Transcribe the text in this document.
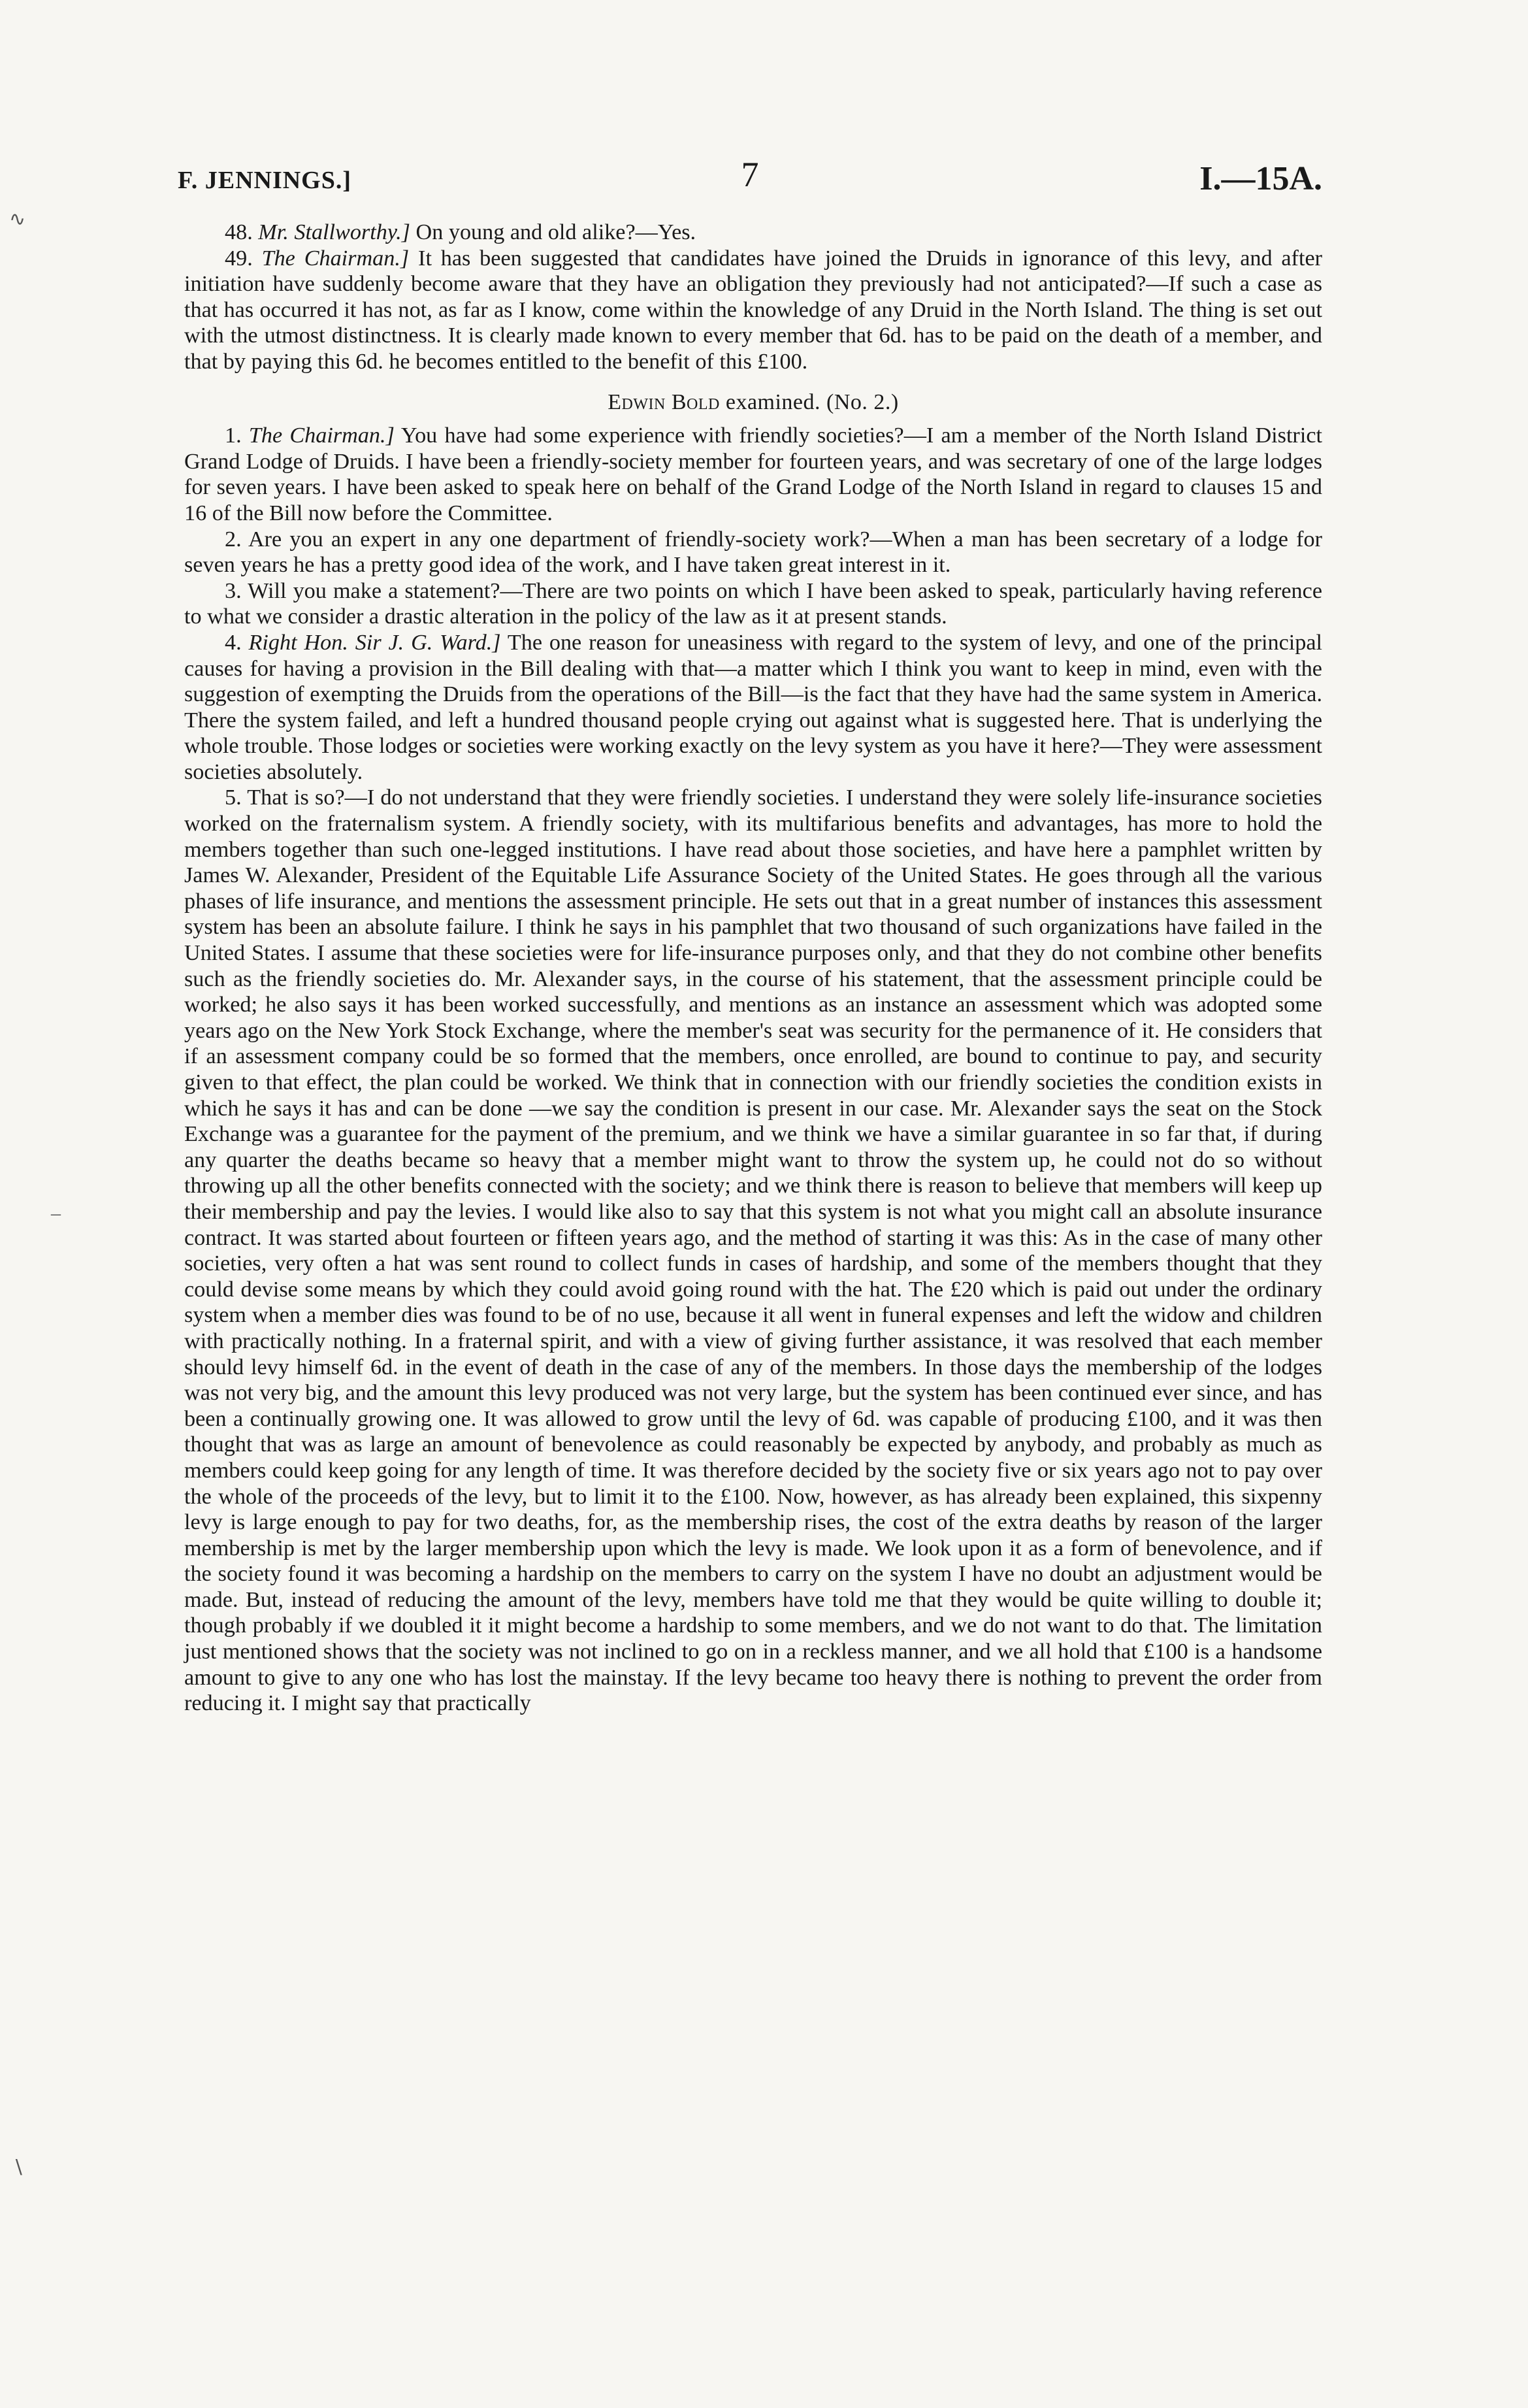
F. JENNINGS.]	7	I.—15A.

48. Mr. Stallworthy.] On young and old alike?—Yes.

49. The Chairman.] It has been suggested that candidates have joined the Druids in ignorance of this levy, and after initiation have suddenly become aware that they have an obligation they previously had not anticipated?—If such a case as that has occurred it has not, as far as I know, come within the knowledge of any Druid in the North Island. The thing is set out with the utmost distinctness. It is clearly made known to every member that 6d. has to be paid on the death of a member, and that by paying this 6d. he becomes entitled to the benefit of this £100.

Edwin Bold examined. (No. 2.)

1. The Chairman.] You have had some experience with friendly societies?—I am a member of the North Island District Grand Lodge of Druids. I have been a friendly-society member for fourteen years, and was secretary of one of the large lodges for seven years. I have been asked to speak here on behalf of the Grand Lodge of the North Island in regard to clauses 15 and 16 of the Bill now before the Committee.

2. Are you an expert in any one department of friendly-society work?—When a man has been secretary of a lodge for seven years he has a pretty good idea of the work, and I have taken great interest in it.

3. Will you make a statement?—There are two points on which I have been asked to speak, particularly having reference to what we consider a drastic alteration in the policy of the law as it at present stands.

4. Right Hon. Sir J. G. Ward.] The one reason for uneasiness with regard to the system of levy, and one of the principal causes for having a provision in the Bill dealing with that—a matter which I think you want to keep in mind, even with the suggestion of exempting the Druids from the operations of the Bill—is the fact that they have had the same system in America. There the system failed, and left a hundred thousand people crying out against what is suggested here. That is underlying the whole trouble. Those lodges or societies were working exactly on the levy system as you have it here?—They were assessment societies absolutely.

5. That is so?—I do not understand that they were friendly societies. I understand they were solely life-insurance societies worked on the fraternalism system. A friendly society, with its multifarious benefits and advantages, has more to hold the members together than such one-legged institutions. I have read about those societies, and have here a pamphlet written by James W. Alexander, President of the Equitable Life Assurance Society of the United States. He goes through all the various phases of life insurance, and mentions the assessment principle. He sets out that in a great number of instances this assessment system has been an absolute failure. I think he says in his pamphlet that two thousand of such organizations have failed in the United States. I assume that these societies were for life-insurance purposes only, and that they do not combine other benefits such as the friendly societies do. Mr. Alexander says, in the course of his statement, that the assessment principle could be worked; he also says it has been worked successfully, and mentions as an instance an assessment which was adopted some years ago on the New York Stock Exchange, where the member's seat was security for the permanence of it. He considers that if an assessment company could be so formed that the members, once enrolled, are bound to continue to pay, and security given to that effect, the plan could be worked. We think that in connection with our friendly societies the condition exists in which he says it has and can be done —we say the condition is present in our case. Mr. Alexander says the seat on the Stock Exchange was a guarantee for the payment of the premium, and we think we have a similar guarantee in so far that, if during any quarter the deaths became so heavy that a member might want to throw the system up, he could not do so without throwing up all the other benefits connected with the society; and we think there is reason to believe that members will keep up their membership and pay the levies. I would like also to say that this system is not what you might call an absolute insurance contract. It was started about fourteen or fifteen years ago, and the method of starting it was this: As in the case of many other societies, very often a hat was sent round to collect funds in cases of hardship, and some of the members thought that they could devise some means by which they could avoid going round with the hat. The £20 which is paid out under the ordinary system when a member dies was found to be of no use, because it all went in funeral expenses and left the widow and children with practically nothing. In a fraternal spirit, and with a view of giving further assistance, it was resolved that each member should levy himself 6d. in the event of death in the case of any of the members. In those days the membership of the lodges was not very big, and the amount this levy produced was not very large, but the system has been continued ever since, and has been a continually growing one. It was allowed to grow until the levy of 6d. was capable of producing £100, and it was then thought that was as large an amount of benevolence as could reasonably be expected by anybody, and probably as much as members could keep going for any length of time. It was therefore decided by the society five or six years ago not to pay over the whole of the proceeds of the levy, but to limit it to the £100. Now, however, as has already been explained, this sixpenny levy is large enough to pay for two deaths, for, as the membership rises, the cost of the extra deaths by reason of the larger membership is met by the larger membership upon which the levy is made. We look upon it as a form of benevolence, and if the society found it was becoming a hardship on the members to carry on the system I have no doubt an adjustment would be made. But, instead of reducing the amount of the levy, members have told me that they would be quite willing to double it; though probably if we doubled it it might become a hardship to some members, and we do not want to do that. The limitation just mentioned shows that the society was not inclined to go on in a reckless manner, and we all hold that £100 is a handsome amount to give to any one who has lost the mainstay. If the levy became too heavy there is nothing to prevent the order from reducing it. I might say that practically

∿
–
∖
